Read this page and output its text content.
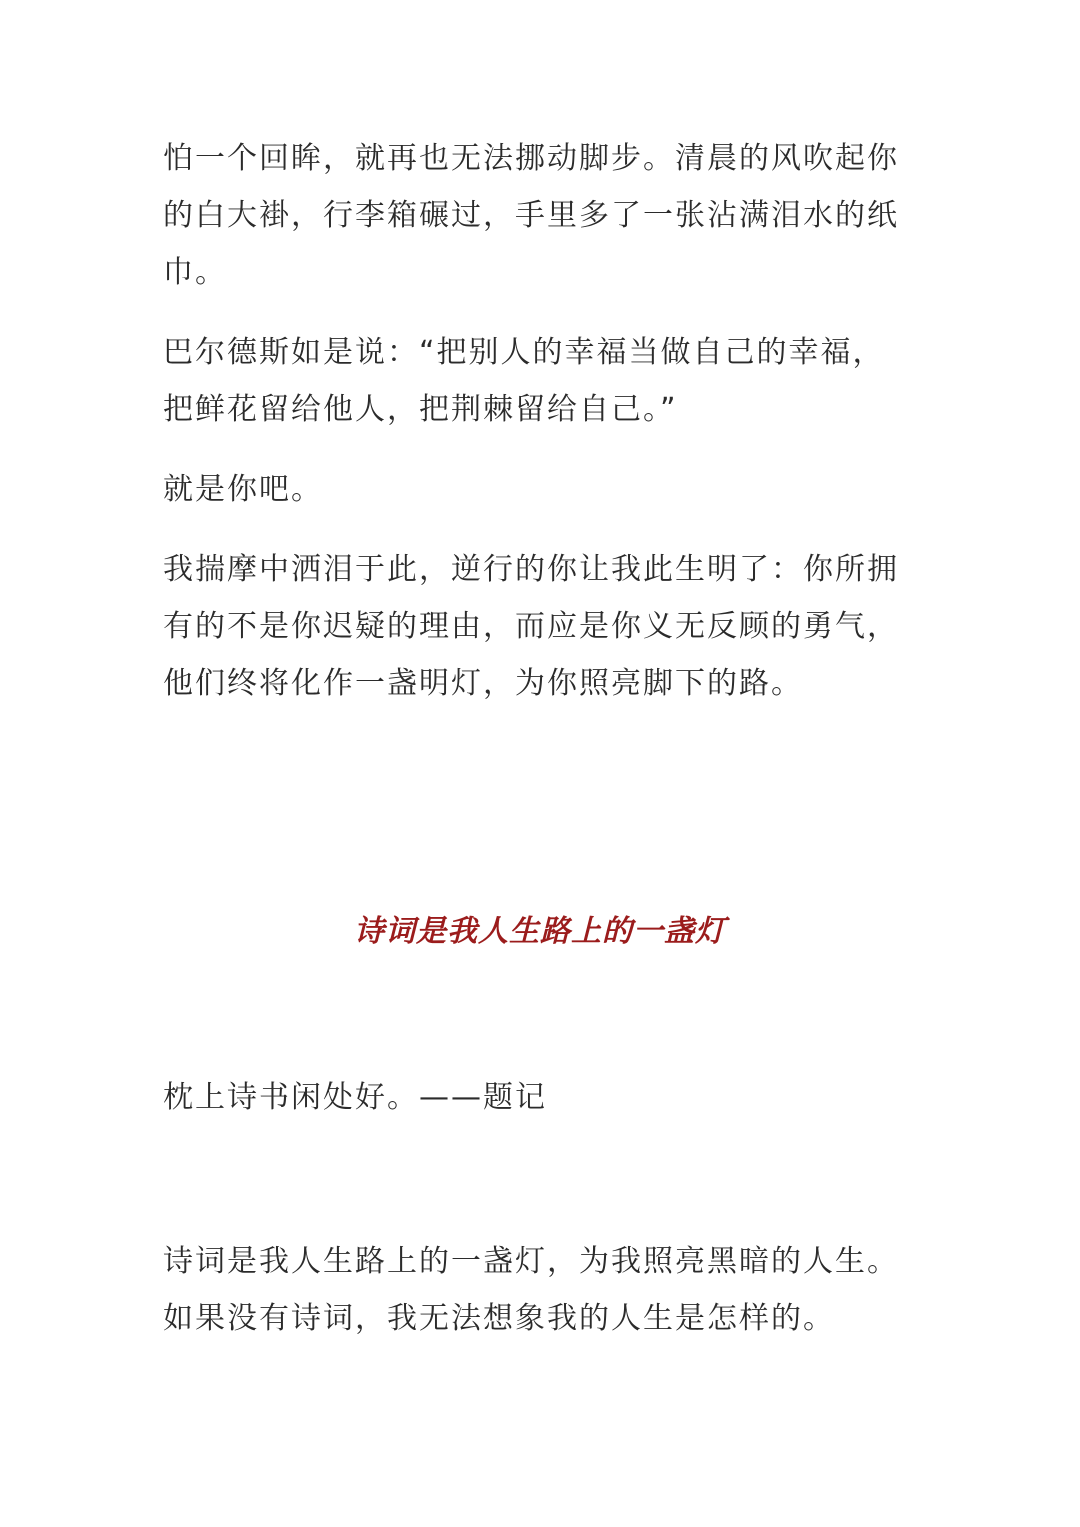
怕一个回眸，就再也无法挪动脚步。清晨的风吹起你
的白大褂，行李箱碾过，手里多了一张沾满泪水的纸
巾。

巴尔德斯如是说：“把别人的幸福当做自己的幸福，
把鲜花留给他人，把荆棘留给自己。”

就是你吧。

我揣摩中洒泪于此，逆行的你让我此生明了：你所拥
有的不是你迟疑的理由，而应是你义无反顾的勇气，
他们终将化作一盏明灯，为你照亮脚下的路。

诗词是我人生路上的一盏灯
枕上诗书闲处好。——题记

诗词是我人生路上的一盏灯，为我照亮黑暗的人生。
如果没有诗词，我无法想象我的人生是怎样的。
